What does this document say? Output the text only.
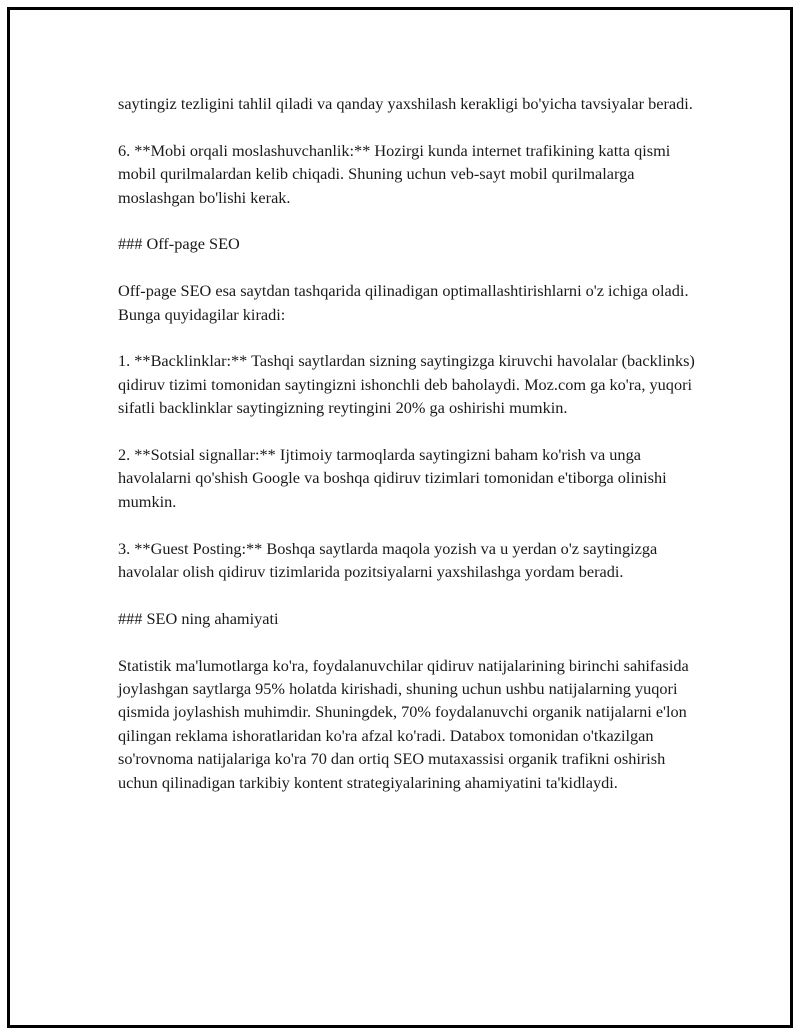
saytingiz tezligini tahlil qiladi va qanday yaxshilash kerakligi bo'yicha tavsiyalar beradi.

6. **Mobi orqali moslashuvchanlik:** Hozirgi kunda internet trafikining katta qismi mobil qurilmalardan kelib chiqadi. Shuning uchun veb-sayt mobil qurilmalarga moslashgan bo'lishi kerak.

### Off-page SEO

Off-page SEO esa saytdan tashqarida qilinadigan optimallashtirishlarni o'z ichiga oladi. Bunga quyidagilar kiradi:

1. **Backlinklar:** Tashqi saytlardan sizning saytingizga kiruvchi havolalar (backlinks) qidiruv tizimi tomonidan saytingizni ishonchli deb baholaydi. Moz.com ga ko'ra, yuqori sifatli backlinklar saytingizning reytingini 20% ga oshirishi mumkin.

2. **Sotsial signallar:** Ijtimoiy tarmoqlarda saytingizni baham ko'rish va unga havolalarni qo'shish Google va boshqa qidiruv tizimlari tomonidan e'tiborga olinishi mumkin.

3. **Guest Posting:** Boshqa saytlarda maqola yozish va u yerdan o'z saytingizga havolalar olish qidiruv tizimlarida pozitsiyalarni yaxshilashga yordam beradi.

### SEO ning ahamiyati

Statistik ma'lumotlarga ko'ra, foydalanuvchilar qidiruv natijalarining birinchi sahifasida joylashgan saytlarga 95% holatda kirishadi, shuning uchun ushbu natijalarning yuqori qismida joylashish muhimdir. Shuningdek, 70% foydalanuvchi organik natijalarni e'lon qilingan reklama ishoratlaridan ko'ra afzal ko'radi. Databox tomonidan o'tkazilgan so'rovnoma natijalariga ko'ra 70 dan ortiq SEO mutaxassisi organik trafikni oshirish uchun qilinadigan tarkibiy kontent strategiyalarining ahamiyatini ta'kidlaydi.
